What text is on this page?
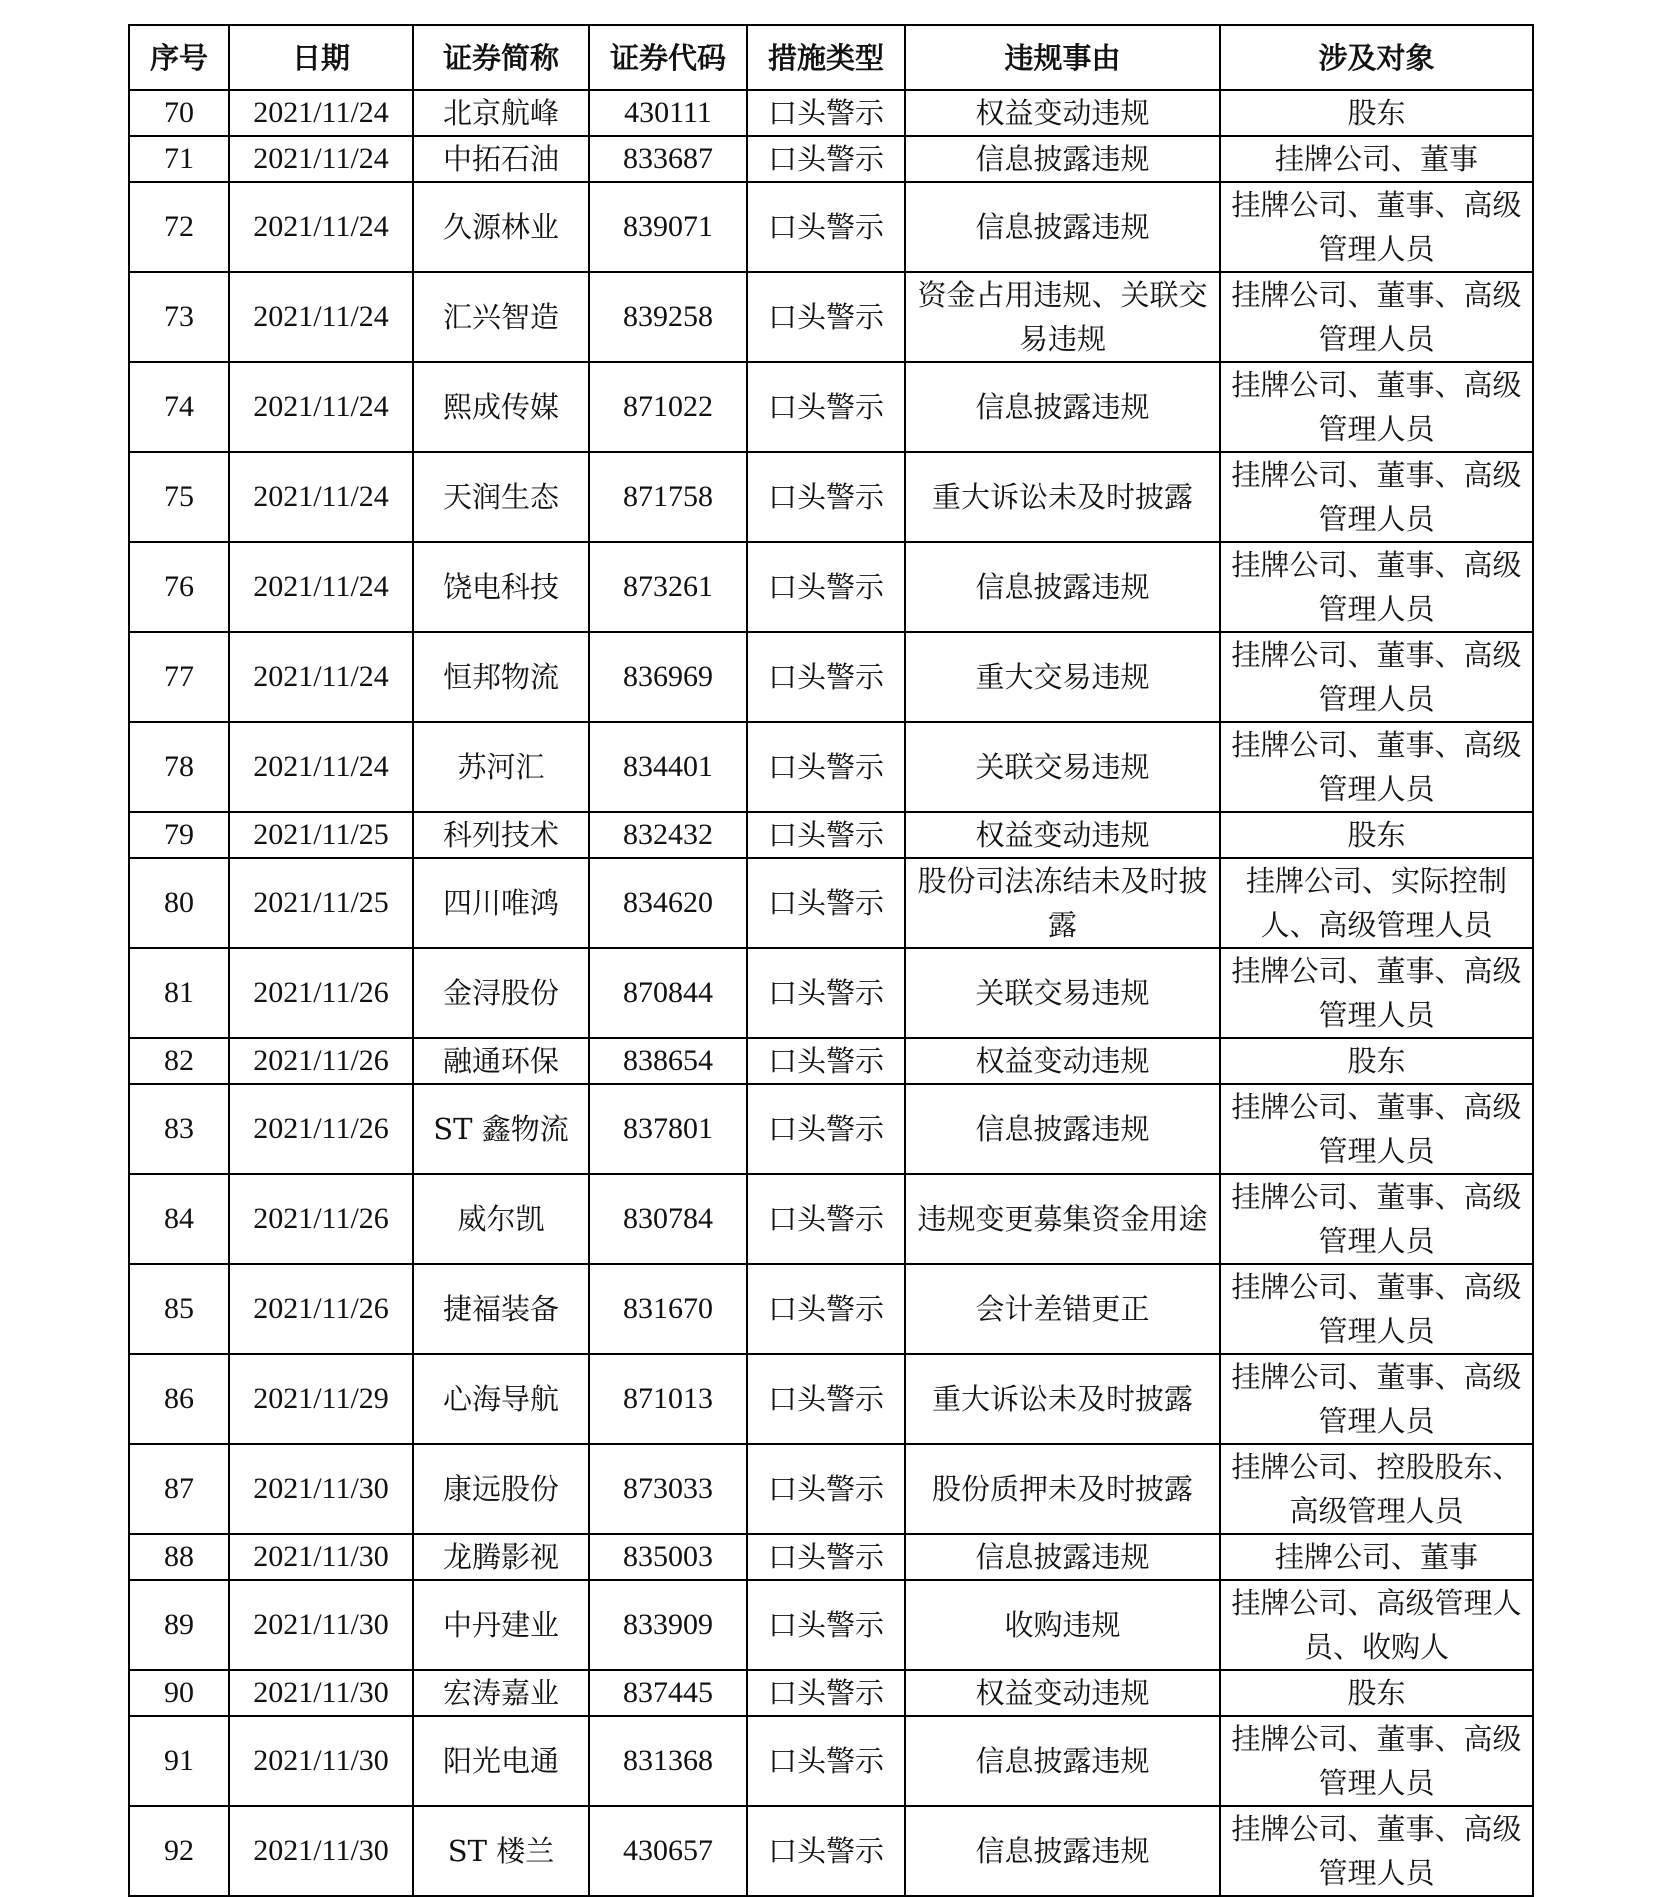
序号	日期	证券简称	证券代码	措施类型	违规事由	涉及对象
70	2021/11/24	北京航峰	430111	口头警示	权益变动违规	股东
71	2021/11/24	中拓石油	833687	口头警示	信息披露违规	挂牌公司、董事
72	2021/11/24	久源林业	839071	口头警示	信息披露违规	挂牌公司、董事、高级管理人员
73	2021/11/24	汇兴智造	839258	口头警示	资金占用违规、关联交易违规	挂牌公司、董事、高级管理人员
74	2021/11/24	熙成传媒	871022	口头警示	信息披露违规	挂牌公司、董事、高级管理人员
75	2021/11/24	天润生态	871758	口头警示	重大诉讼未及时披露	挂牌公司、董事、高级管理人员
76	2021/11/24	饶电科技	873261	口头警示	信息披露违规	挂牌公司、董事、高级管理人员
77	2021/11/24	恒邦物流	836969	口头警示	重大交易违规	挂牌公司、董事、高级管理人员
78	2021/11/24	苏河汇	834401	口头警示	关联交易违规	挂牌公司、董事、高级管理人员
79	2021/11/25	科列技术	832432	口头警示	权益变动违规	股东
80	2021/11/25	四川唯鸿	834620	口头警示	股份司法冻结未及时披露	挂牌公司、实际控制人、高级管理人员
81	2021/11/26	金浔股份	870844	口头警示	关联交易违规	挂牌公司、董事、高级管理人员
82	2021/11/26	融通环保	838654	口头警示	权益变动违规	股东
83	2021/11/26	ST 鑫物流	837801	口头警示	信息披露违规	挂牌公司、董事、高级管理人员
84	2021/11/26	威尔凯	830784	口头警示	违规变更募集资金用途	挂牌公司、董事、高级管理人员
85	2021/11/26	捷福装备	831670	口头警示	会计差错更正	挂牌公司、董事、高级管理人员
86	2021/11/29	心海导航	871013	口头警示	重大诉讼未及时披露	挂牌公司、董事、高级管理人员
87	2021/11/30	康远股份	873033	口头警示	股份质押未及时披露	挂牌公司、控股股东、高级管理人员
88	2021/11/30	龙腾影视	835003	口头警示	信息披露违规	挂牌公司、董事
89	2021/11/30	中丹建业	833909	口头警示	收购违规	挂牌公司、高级管理人员、收购人
90	2021/11/30	宏涛嘉业	837445	口头警示	权益变动违规	股东
91	2021/11/30	阳光电通	831368	口头警示	信息披露违规	挂牌公司、董事、高级管理人员
92	2021/11/30	ST 楼兰	430657	口头警示	信息披露违规	挂牌公司、董事、高级管理人员
